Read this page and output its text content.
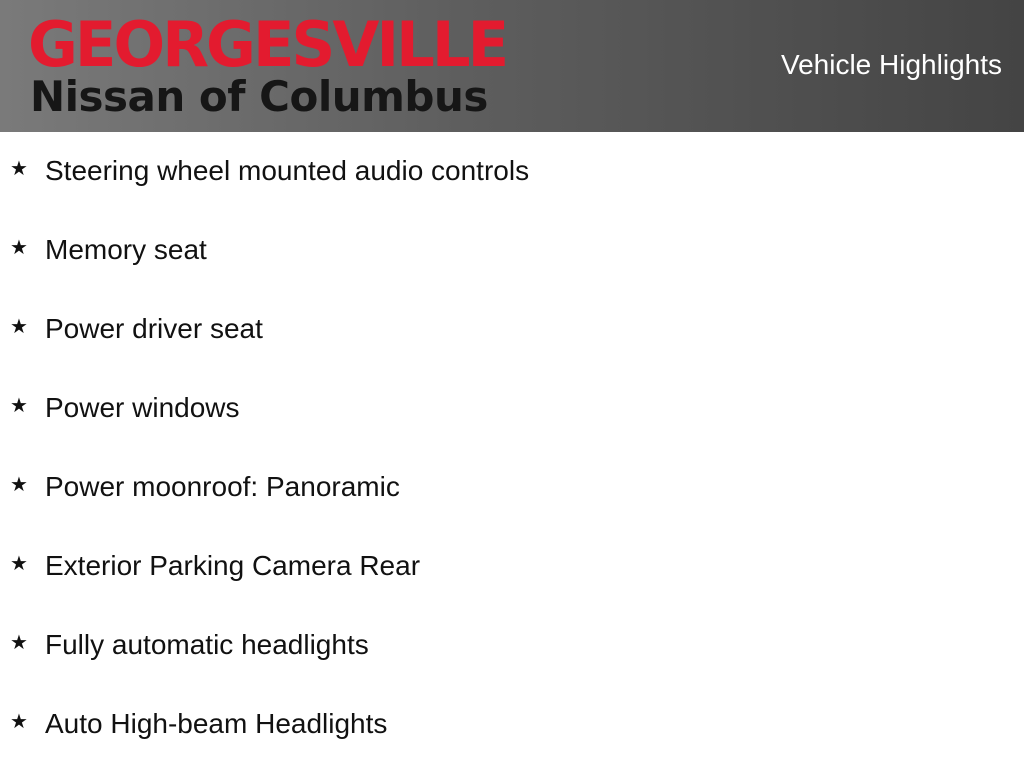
GEORGESVILLE
Nissan of Columbus
Vehicle Highlights
★ Steering wheel mounted audio controls
★ Memory seat
★ Power driver seat
★ Power windows
★ Power moonroof: Panoramic
★ Exterior Parking Camera Rear
★ Fully automatic headlights
★ Auto High-beam Headlights
